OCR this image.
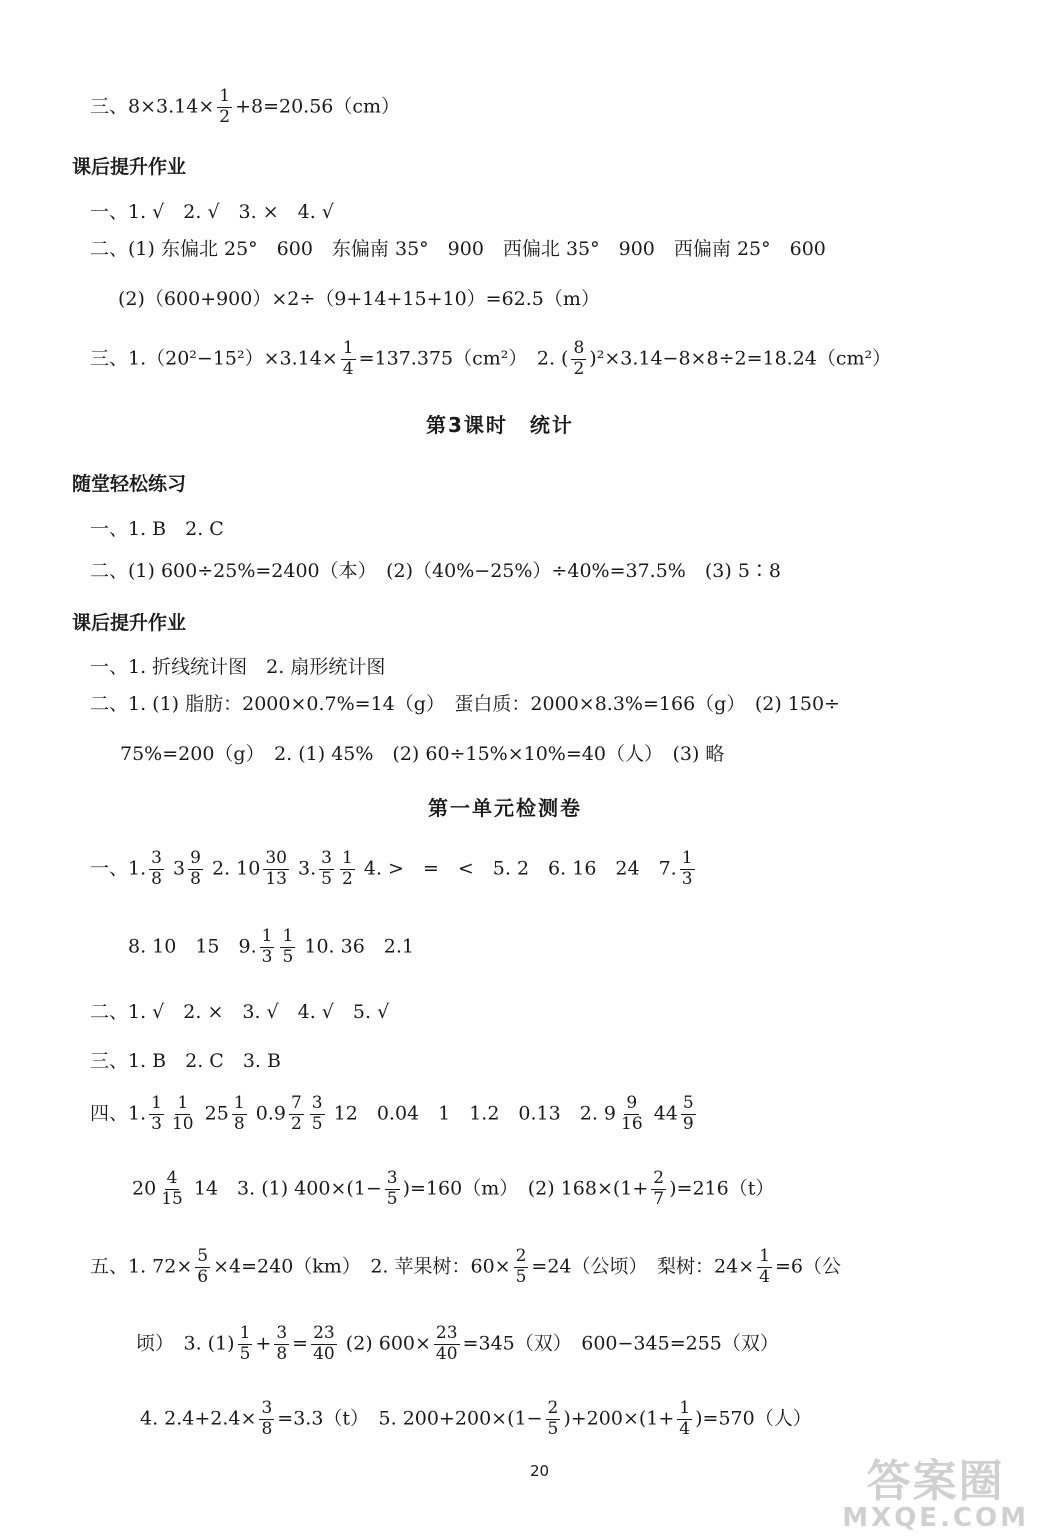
三、$8\times 3.14\times \frac{1}{2} +8=20.56(cm)$
课后提升作业
一、1. √　2. √　3. ×　4. √
二、(1) 东偏北 25°　600　东偏南 35°　900　西偏北 35°　900　西偏南 25°　600
(2)（600+900）×2÷（9+14+15+10）=62.5（m）
三、$1.(20^2-15^2)\times 3.14\times \frac{1}{4} =137.375(cm^2)$　2. ( $\frac{8}{2} )^2\times 3.14-8\times 8\div 2=18.24(cm^2)$
第3课时　统计
随堂轻松练习
一、1. B　2. C
二、(1) 600÷25%=2400（本）　(2)（40%−25%）÷40%=37.5%　(3) 5∶8
课后提升作业
一、1. 折线统计图　2. 扇形统计图
二、1. (1) 脂肪：2000×0.7%=14（g）　蛋白质：2000×8.3%=166（g）　(2) 150÷
75%=200（g）　2. (1) 45%　(2) 60÷15%×10%=40（人）　(3) 略
第一单元检测卷
一、1. $\frac{3}{8} 3 \frac{9}{8} 2$. $10 \frac{30}{13} 3$. $\frac{3}{5} \frac{1}{2} 4$. >　=　<　5. 2　6. 16　24　7. $\frac{1}{3}$
8. 10　15　9. $\frac{1}{3} \frac{1}{5} 10$. 36　2.1
二、1. √　2. ×　3. √　4. √　5. √
三、1. B　2. C　3. B
四、1. $\frac{1}{3} \frac{1}{10} 25 \frac{1}{8} 0.9 \frac{7}{2} \frac{3}{5} 12$　0.04　1　1.2　0.13　2. $9 \frac{9}{16} 44 \frac{5}{9}$
$20 \frac{4}{15} 14$　3. (1) $400\times(1- \frac{3}{5} )=160(m)$　(2) $168\times(1+ \frac{2}{7} )=216(t)$
五、1. $72\times \frac{5}{6} \times 4=240(km)$　2. 苹果树：$60\times \frac{2}{5} =24$（公顷）　梨树：$24\times \frac{1}{4} =6$（公
顷）　3. $(1) \frac{1}{5} + \frac{3}{8} = \frac{23}{40} (2)$ $600\times \frac{23}{40} =345$（双）　600−345=255（双）
4. $2.4+2.4\times \frac{3}{8} =3.3(t)$　5. $200+200\times(1- \frac{2}{5} )+200\times(1+ \frac{1}{4} )=570$（人）
20	答案圈
MXQE.COM
